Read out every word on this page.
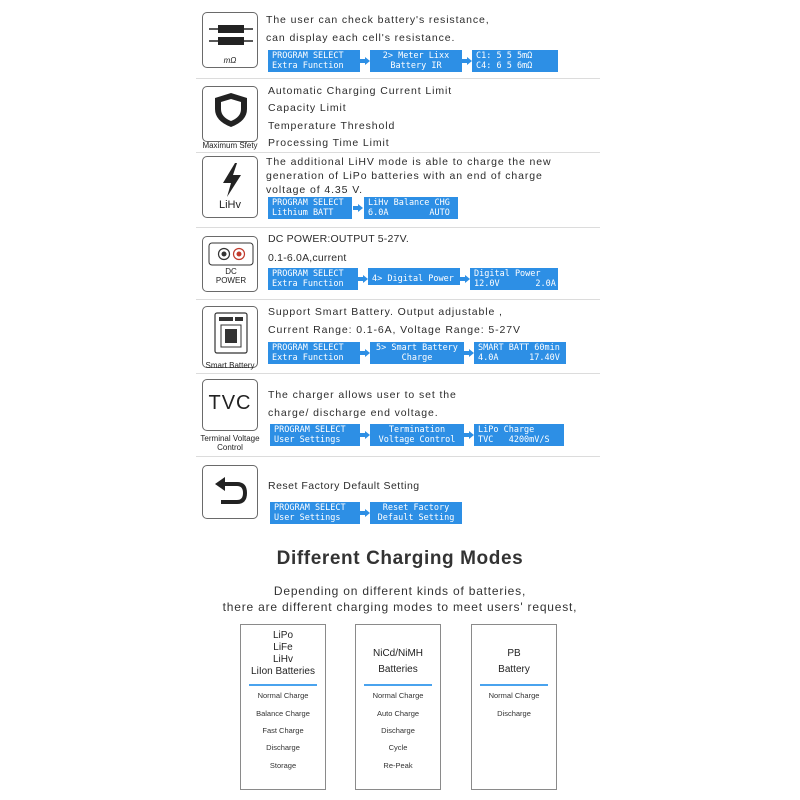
mΩ
The user can check battery's resistance,
can display each cell's resistance.
PROGRAM SELECT
Extra Function
2> Meter Lixx
Battery IR
C1: 5 5 5mΩ
C4: 6 5 6mΩ
Maximum Sfety
Automatic Charging Current Limit
Capacity Limit
Temperature Threshold
Processing Time Limit
LiHv
The additional LiHV mode is able to charge the new
generation of LiPo batteries with an end of charge
voltage of 4.35 V.
PROGRAM SELECT
Lithium BATT
LiHv Balance CHG
6.0A        AUTO
DC POWER
DC POWER:OUTPUT 5-27V.
0.1-6.0A,current
PROGRAM SELECT
Extra Function	4> Digital Power Digital Power
12.0V       2.0A
Smart Battery
Support Smart Battery. Output adjustable ,
Current Range: 0.1-6A, Voltage Range: 5-27V
PROGRAM SELECT
Extra Function
5> Smart Battery
Charge
SMART BATT 60min
4.0A      17.40V
TVC
Terminal Voltage Control
The charger allows user to set the
charge/ discharge end voltage.
PROGRAM SELECT
User Settings
Termination
Voltage Control
LiPo Charge
TVC   4200mV/S
Reset Factory Default Setting
PROGRAM SELECT
User Settings
Reset Factory
Default Setting
Different Charging Modes
Depending on different kinds of batteries,
there are different charging modes to meet users' request,
LiPo
LiFe
LiHv
LiIon Batteries
Normal Charge
Balance Charge
Fast Charge
Discharge
Storage
NiCd/NiMH
Batteries
Normal Charge
Auto Charge
Discharge
Cycle
Re-Peak
PB
Battery
Normal Charge
Discharge
